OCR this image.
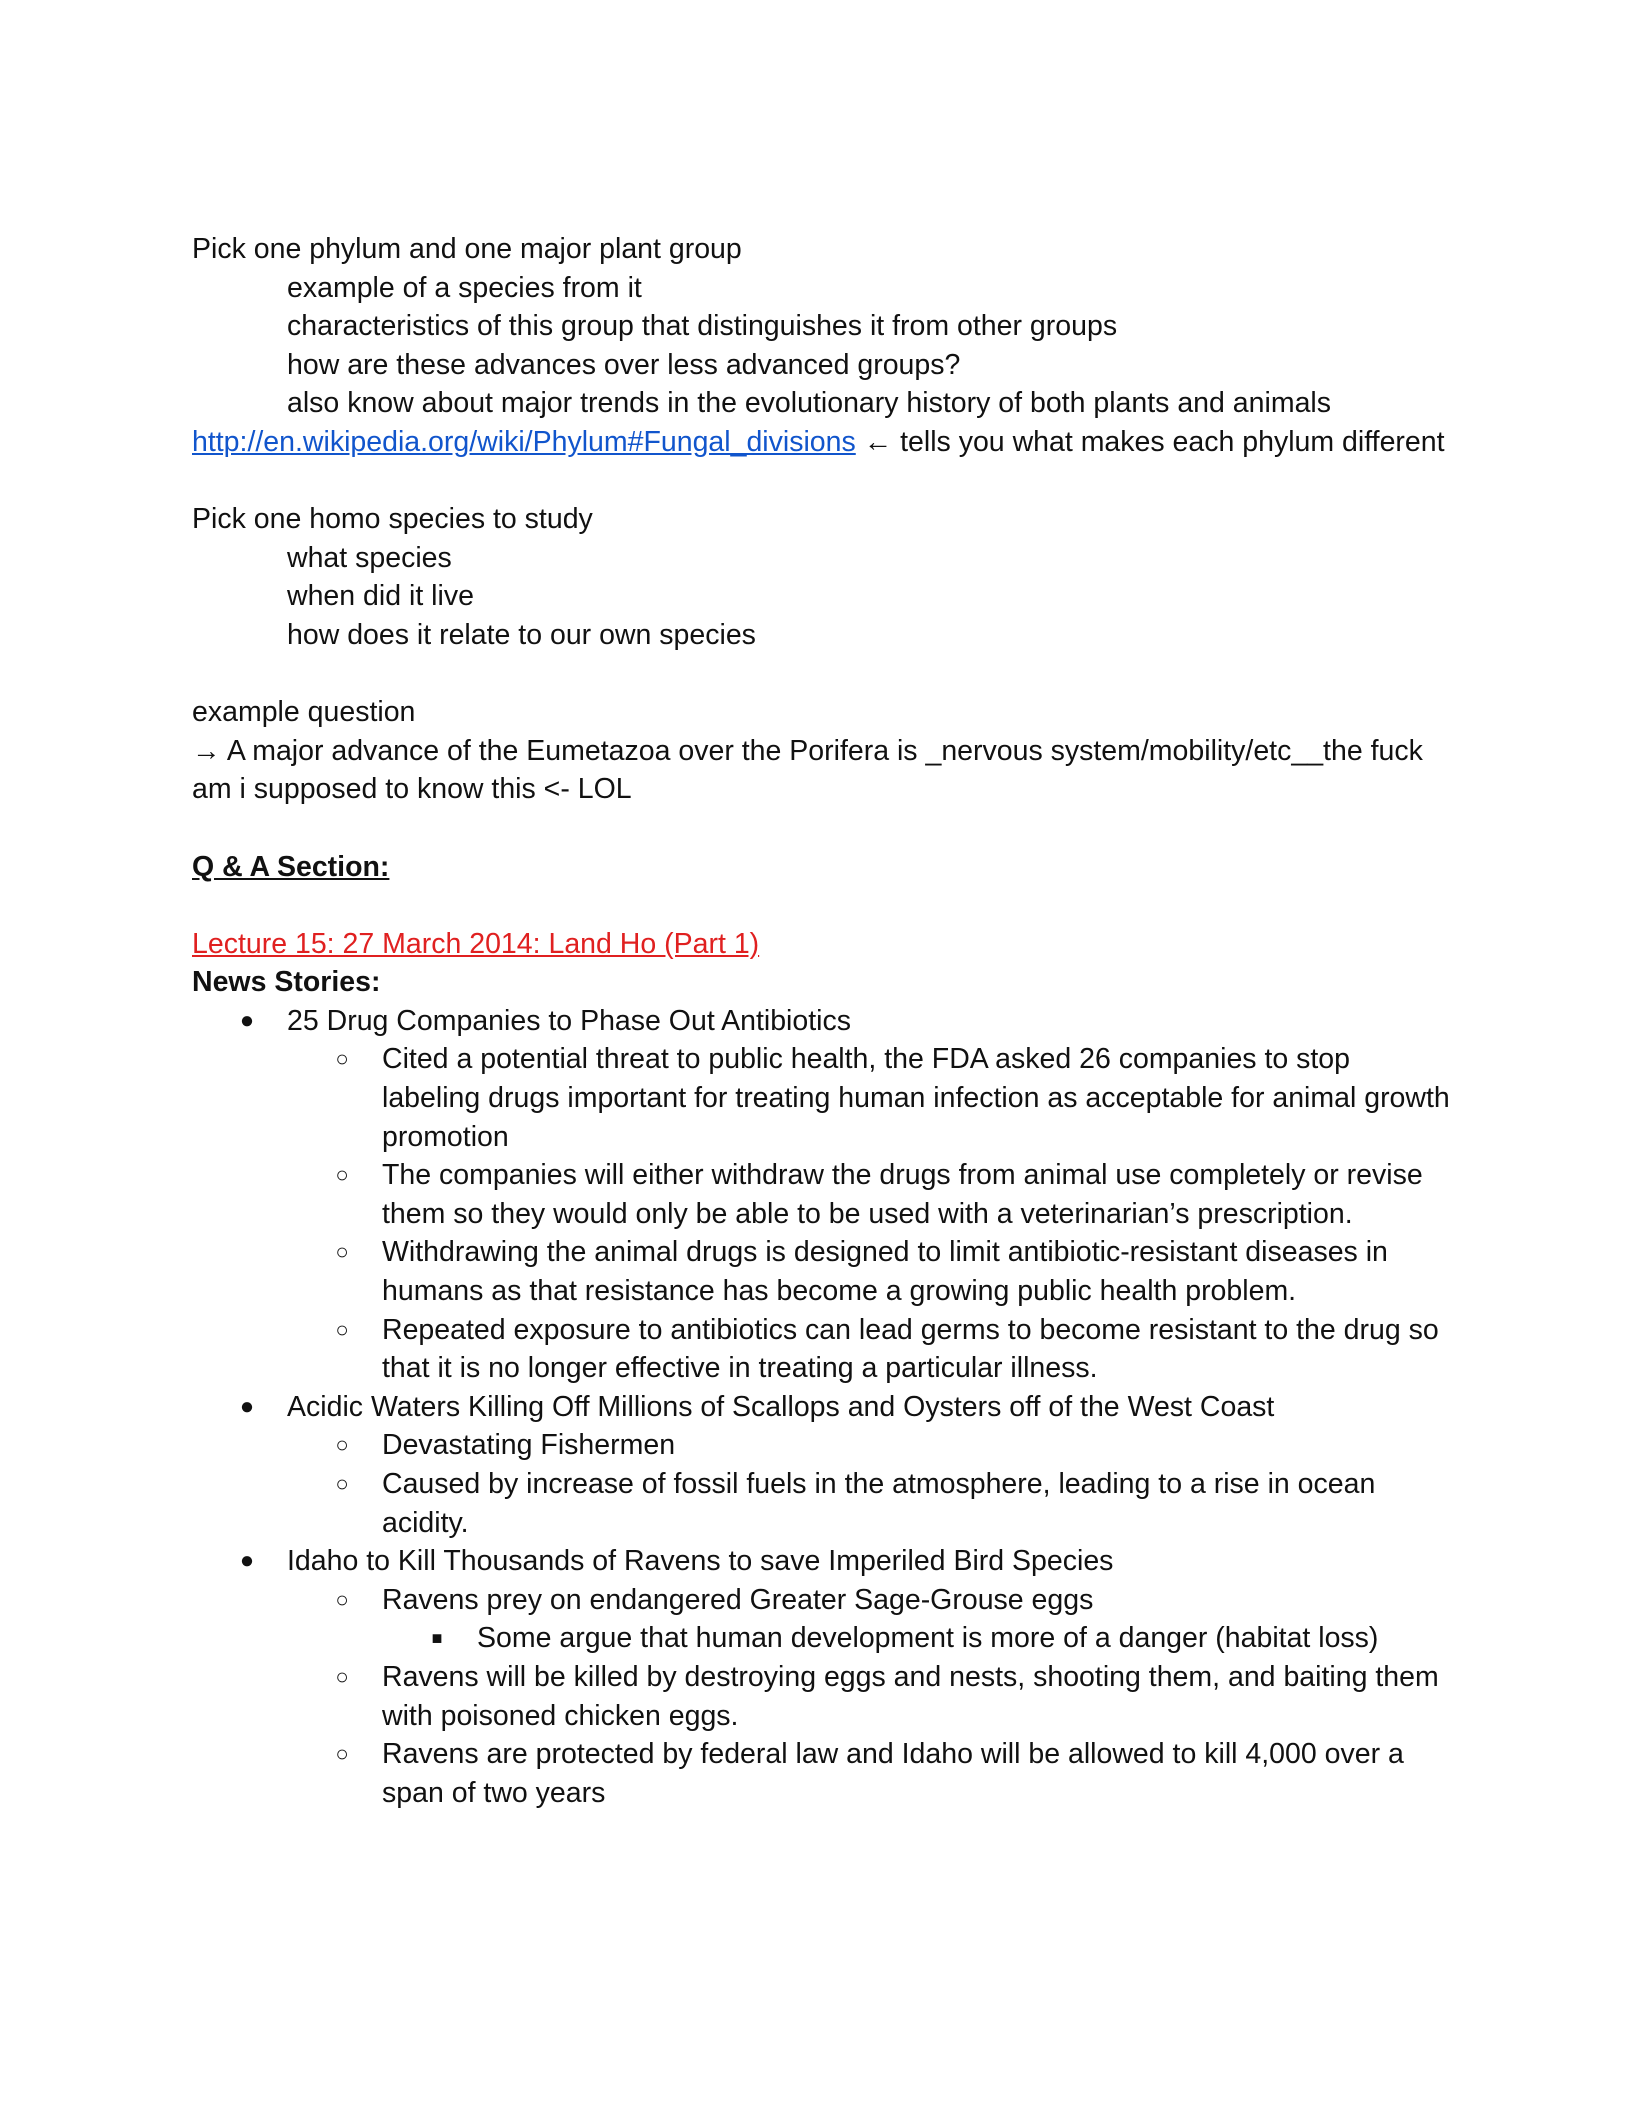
Pick one phylum and one major plant group
example of a species from it
characteristics of this group that distinguishes it from other groups
how are these advances over less advanced groups?
also know about major trends in the evolutionary history of both plants and animals
http://en.wikipedia.org/wiki/Phylum#Fungal_divisions ← tells you what makes each phylum different
Pick one homo species to study
what species
when did it live
how does it relate to our own species
example question
→ A major advance of the Eumetazoa over the Porifera is _nervous system/mobility/etc__the fuck am i supposed to know this <- LOL
Q & A Section:
Lecture 15: 27 March 2014: Land Ho (Part 1)
News Stories:
● 25 Drug Companies to Phase Out Antibiotics
○ Cited a potential threat to public health, the FDA asked 26 companies to stop labeling drugs important for treating human infection as acceptable for animal growth promotion
○ The companies will either withdraw the drugs from animal use completely or revise them so they would only be able to be used with a veterinarian’s prescription.
○ Withdrawing the animal drugs is designed to limit antibiotic-resistant diseases in humans as that resistance has become a growing public health problem.
○ Repeated exposure to antibiotics can lead germs to become resistant to the drug so that it is no longer effective in treating a particular illness.
● Acidic Waters Killing Off Millions of Scallops and Oysters off of the West Coast
○ Devastating Fishermen
○ Caused by increase of fossil fuels in the atmosphere, leading to a rise in ocean acidity.
● Idaho to Kill Thousands of Ravens to save Imperiled Bird Species
○ Ravens prey on endangered Greater Sage-Grouse eggs
■	Some argue that human development is more of a danger (habitat loss)
○ Ravens will be killed by destroying eggs and nests, shooting them, and baiting them with poisoned chicken eggs.
○ Ravens are protected by federal law and Idaho will be allowed to kill 4,000 over a span of two years
